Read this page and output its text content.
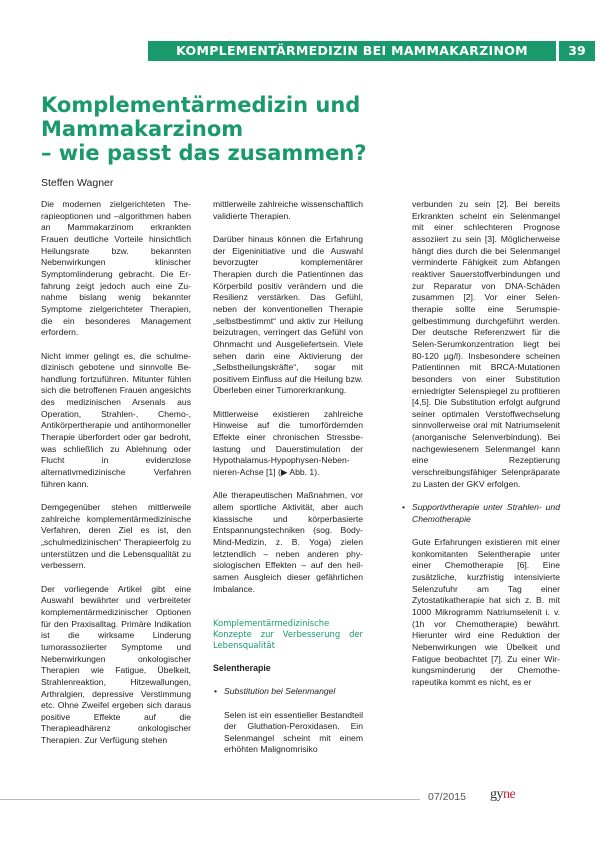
KOMPLEMENTÄRMEDIZIN BEI MAMMAKARZINOM	39
Komplementärmedizin und
Mammakarzinom
– wie passt das zusammen?
Steffen Wagner

Die modernen zielgerichteten Therapieoptionen und –algorithmen haben an Mammakarzinom erkrankten Frauen deutliche Vorteile hinsichtlich Heilungsrate bzw. bekannten Nebenwirkungen klinischer Symptomlinderung gebracht. Die Erfahrung zeigt jedoch auch eine Zunahme bislang wenig bekannter Symptome zielgerichteter Therapien, die ein besonderes Management erfordern.

Nicht immer gelingt es, die schulmedizinisch gebotene und sinnvolle Behandlung fortzuführen. Mitunter fühlen sich die betroffenen Frauen angesichts des medizinischen Arsenals aus Operation, Strahlen-, Chemo-, Antikörpertherapie und antihormoneller Therapie überfordert oder gar bedroht, was schließlich zu Ablehnung oder Flucht in evidenzlose alternativmedizinische Verfahren führen kann.

Demgegenüber stehen mittlerweile zahlreiche komplementärmedizinische Verfahren, deren Ziel es ist, den „schulmedizinischen“ Therapieerfolg zu unterstützen und die Lebensqualität zu verbessern.

Der vorliegende Artikel gibt eine Auswahl bewährter und verbreiteter komplementärmedizinischer Optionen für den Praxisalltag. Primäre Indikation ist die wirksame Linderung tumorassoziierter Symptome und Nebenwirkungen onkologischer Therapien wie Fatigue, Übelkeit, Strahlenreaktion, Hitzewallungen, Arthralgien, depressive Verstimmung etc. Ohne Zweifel ergeben sich daraus positive Effekte auf die Therapieadhärenz onkologischer Therapien. Zur Verfügung stehen

mittlerweile zahlreiche wissenschaftlich validierte Therapien.

Darüber hinaus können die Erfahrung der Eigeninitiative und die Auswahl bevorzugter komplementärer Therapien durch die Patientinnen das Körperbild positiv verändern und die Resilienz verstärken. Das Gefühl, neben der konventionellen Therapie „selbstbestimmt“ und aktiv zur Heilung beizutragen, verringert das Gefühl von Ohnmacht und Ausgeliefertsein. Viele sehen darin eine Aktivierung der „Selbstheilungskräfte“, sogar mit positivem Einfluss auf die Heilung bzw. Überleben einer Tumorerkrankung.

Mittlerweise existieren zahlreiche Hinweise auf die tumorfördernden Effekte einer chronischen Stressbelastung und Dauerstimulation der Hypothalamus-Hypophysen-Nebennieren-Achse [1] (▶ Abb. 1).

Alle therapeutischen Maßnahmen, vor allem sportliche Aktivität, aber auch klassische und körperbasierte Entspannungstechniken (sog. Body-Mind-Medizin, z. B. Yoga) zielen letztendlich – neben anderen physiologischen Effekten – auf den heilsamen Ausgleich dieser gefährlichen Imbalance.

Komplementärmedizinische Konzepte zur Verbesserung der Lebensqualität

Selentherapie

• Substitution bei Selenmangel

Selen ist ein essentieller Bestandteil der Gluthation-Peroxidasen. Ein Selenmangel scheint mit einem erhöhten Malignomrisiko

verbunden zu sein [2]. Bei bereits Erkrankten scheint ein Selenmangel mit einer schlechteren Prognose assoziiert zu sein [3]. Möglicherweise hängt dies durch die bei Selenmangel verminderte Fähigkeit zum Abfangen reaktiver Sauerstoffverbindungen und zur Reparatur von DNA-Schäden zusammen [2]. Vor einer Selentherapie sollte eine Serumspiegelbestimmung durchgeführt werden. Der deutsche Referenzwert für die Selen-Serumkonzentration liegt bei 80-120 µg/l). Insbesondere scheinen Patientinnen mit BRCA-Mutationen besonders von einer Substitution erniedrigter Selenspiegel zu profitieren [4,5]. Die Substitution erfolgt aufgrund seiner optimalen Verstoffwechselung sinnvollerweise oral mit Natriumselenit (anorganische Selenverbindung). Bei nachgewiesenem Selenmangel kann eine Rezeptierung verschreibungsfähiger Selenpräparate zu Lasten der GKV erfolgen.

• Supportivtherapie unter Strahlen- und Chemotherapie

Gute Erfahrungen existieren mit einer konkomitanten Selentherapie unter einer Chemotherapie [6]. Eine zusätzliche, kurzfristig intensivierte Selenzufuhr am Tag einer Zytostatikatherapie hat sich z. B. mit 1000 Mikrogramm Natriumselenit i. v. (1h vor Chemotherapie) bewährt. Hierunter wird eine Reduktion der Nebenwirkungen wie Übelkeit und Fatigue beobachtet [7]. Zu einer Wirkungsminderung der Chemotherapeutika kommt es nicht, es er

07/2015 gyne
